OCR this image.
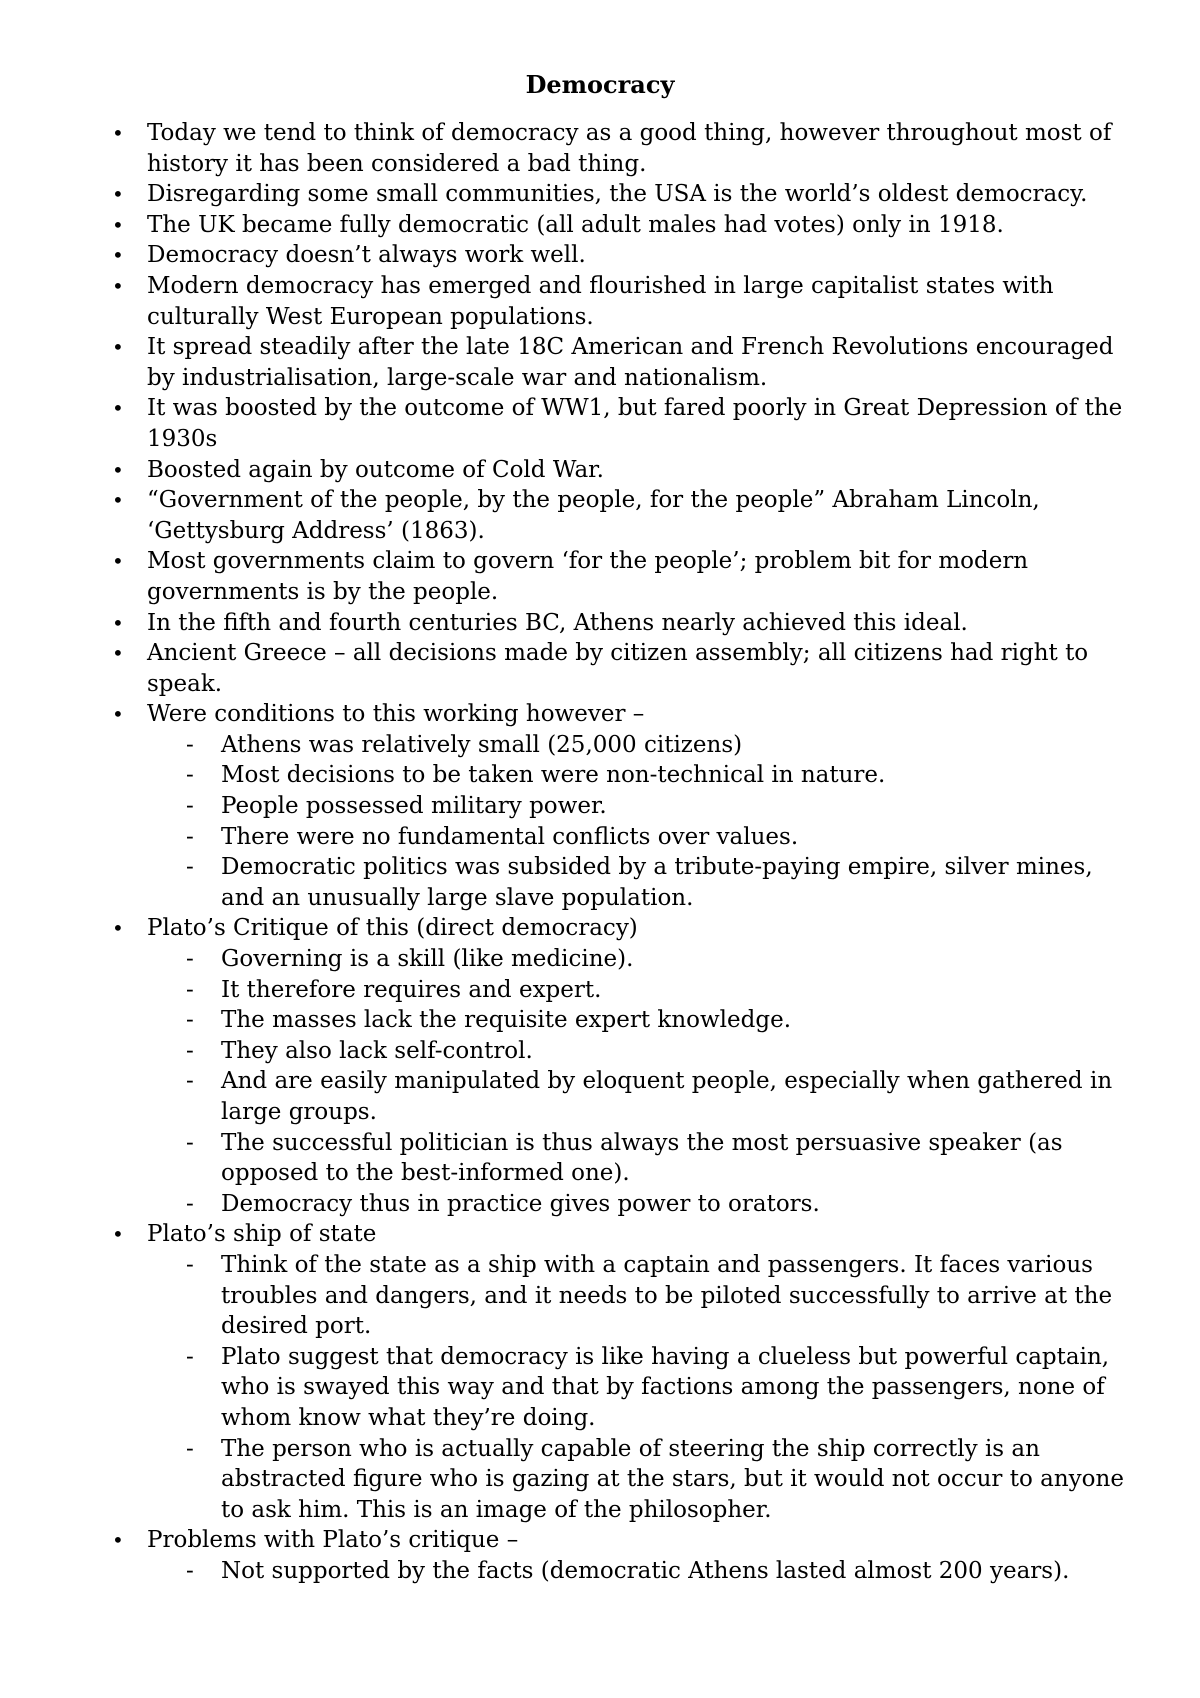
Democracy
• Today we tend to think of democracy as a good thing, however throughout most of history it has been considered a bad thing.
• Disregarding some small communities, the USA is the world’s oldest democracy.
• The UK became fully democratic (all adult males had votes) only in 1918.
• Democracy doesn’t always work well.
• Modern democracy has emerged and flourished in large capitalist states with culturally West European populations.
• It spread steadily after the late 18C American and French Revolutions encouraged by industrialisation, large-scale war and nationalism.
• It was boosted by the outcome of WW1, but fared poorly in Great Depression of the 1930s
• Boosted again by outcome of Cold War.
• “Government of the people, by the people, for the people” Abraham Lincoln, ‘Gettysburg Address’ (1863).
• Most governments claim to govern ‘for the people’; problem bit for modern governments is by the people.
• In the fifth and fourth centuries BC, Athens nearly achieved this ideal.
• Ancient Greece – all decisions made by citizen assembly; all citizens had right to speak.
• Were conditions to this working however –
- Athens was relatively small (25,000 citizens)
- Most decisions to be taken were non-technical in nature.
- People possessed military power.
- There were no fundamental conflicts over values.
- Democratic politics was subsided by a tribute-paying empire, silver mines, and an unusually large slave population.
• Plato’s Critique of this (direct democracy)
- Governing is a skill (like medicine).
- It therefore requires and expert.
- The masses lack the requisite expert knowledge.
- They also lack self-control.
- And are easily manipulated by eloquent people, especially when gathered in large groups.
- The successful politician is thus always the most persuasive speaker (as opposed to the best-informed one).
- Democracy thus in practice gives power to orators.
• Plato’s ship of state
- Think of the state as a ship with a captain and passengers. It faces various troubles and dangers, and it needs to be piloted successfully to arrive at the desired port.
- Plato suggest that democracy is like having a clueless but powerful captain, who is swayed this way and that by factions among the passengers, none of whom know what they’re doing.
- The person who is actually capable of steering the ship correctly is an abstracted figure who is gazing at the stars, but it would not occur to anyone to ask him. This is an image of the philosopher.
• Problems with Plato’s critique –
- Not supported by the facts (democratic Athens lasted almost 200 years).
